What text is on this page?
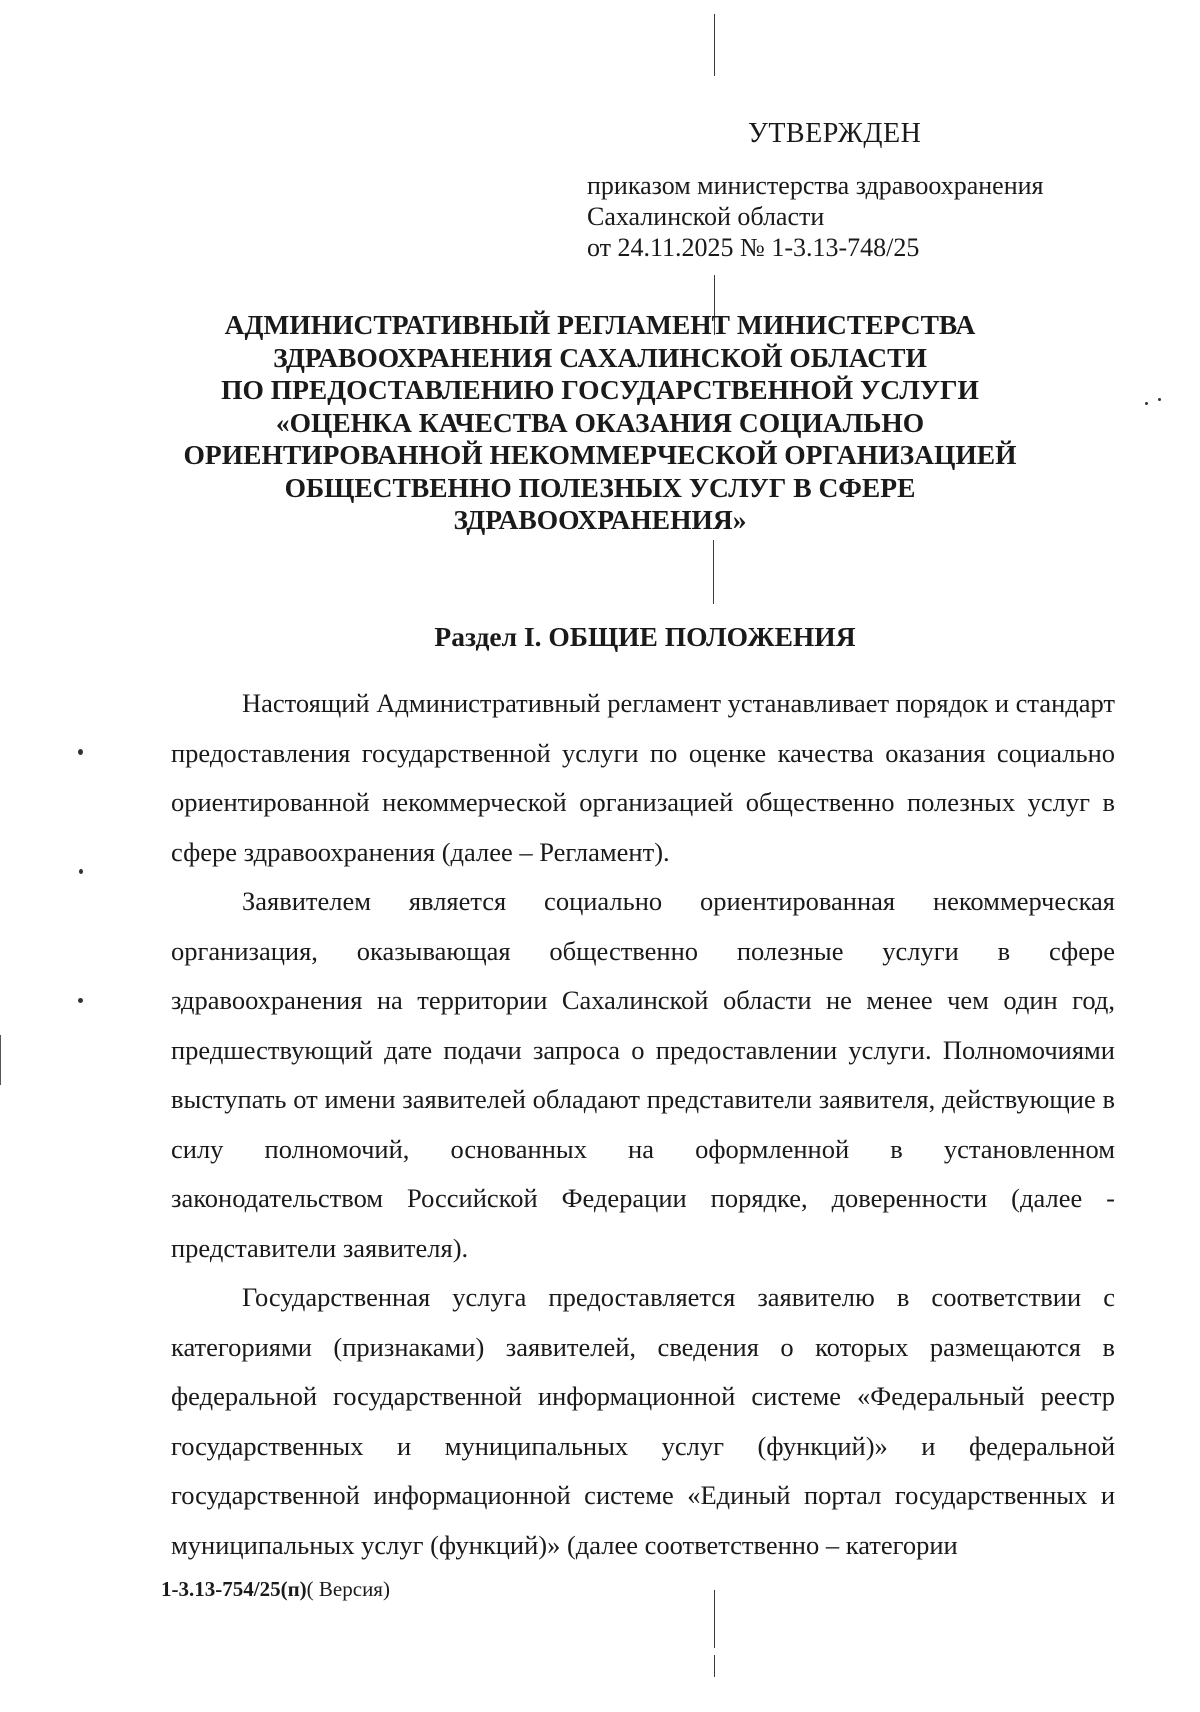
УТВЕРЖДЕН
приказом министерства здравоохранения
Сахалинской области
от 24.11.2025 № 1-3.13-748/25
АДМИНИСТРАТИВНЫЙ РЕГЛАМЕНТ МИНИСТЕРСТВА
ЗДРАВООХРАНЕНИЯ САХАЛИНСКОЙ ОБЛАСТИ
ПО ПРЕДОСТАВЛЕНИЮ ГОСУДАРСТВЕННОЙ УСЛУГИ
«ОЦЕНКА КАЧЕСТВА ОКАЗАНИЯ СОЦИАЛЬНО
ОРИЕНТИРОВАННОЙ НЕКОММЕРЧЕСКОЙ ОРГАНИЗАЦИЕЙ
ОБЩЕСТВЕННО ПОЛЕЗНЫХ УСЛУГ В СФЕРЕ
ЗДРАВООХРАНЕНИЯ»
Раздел I. ОБЩИЕ ПОЛОЖЕНИЯ

Настоящий Административный регламент устанавливает порядок и стандарт предоставления государственной услуги по оценке качества оказания социально ориентированной некоммерческой организацией общественно полезных услуг в сфере здравоохранения (далее – Регламент).

Заявителем является социально ориентированная некоммерческая организация, оказывающая общественно полезные услуги в сфере здравоохранения на территории Сахалинской области не менее чем один год, предшествующий дате подачи запроса о предоставлении услуги. Полномочиями выступать от имени заявителей обладают представители заявителя, действующие в силу полномочий, основанных на оформленной в установленном законодательством Российской Федерации порядке, доверенности (далее - представители заявителя).

Государственная услуга предоставляется заявителю в соответствии с категориями (признаками) заявителей, сведения о которых размещаются в федеральной государственной информационной системе «Федеральный реестр государственных и муниципальных услуг (функций)» и федеральной государственной информационной системе «Единый портал государственных и муниципальных услуг (функций)» (далее соответственно – категории

1-3.13-754/25(п)( Версия)
